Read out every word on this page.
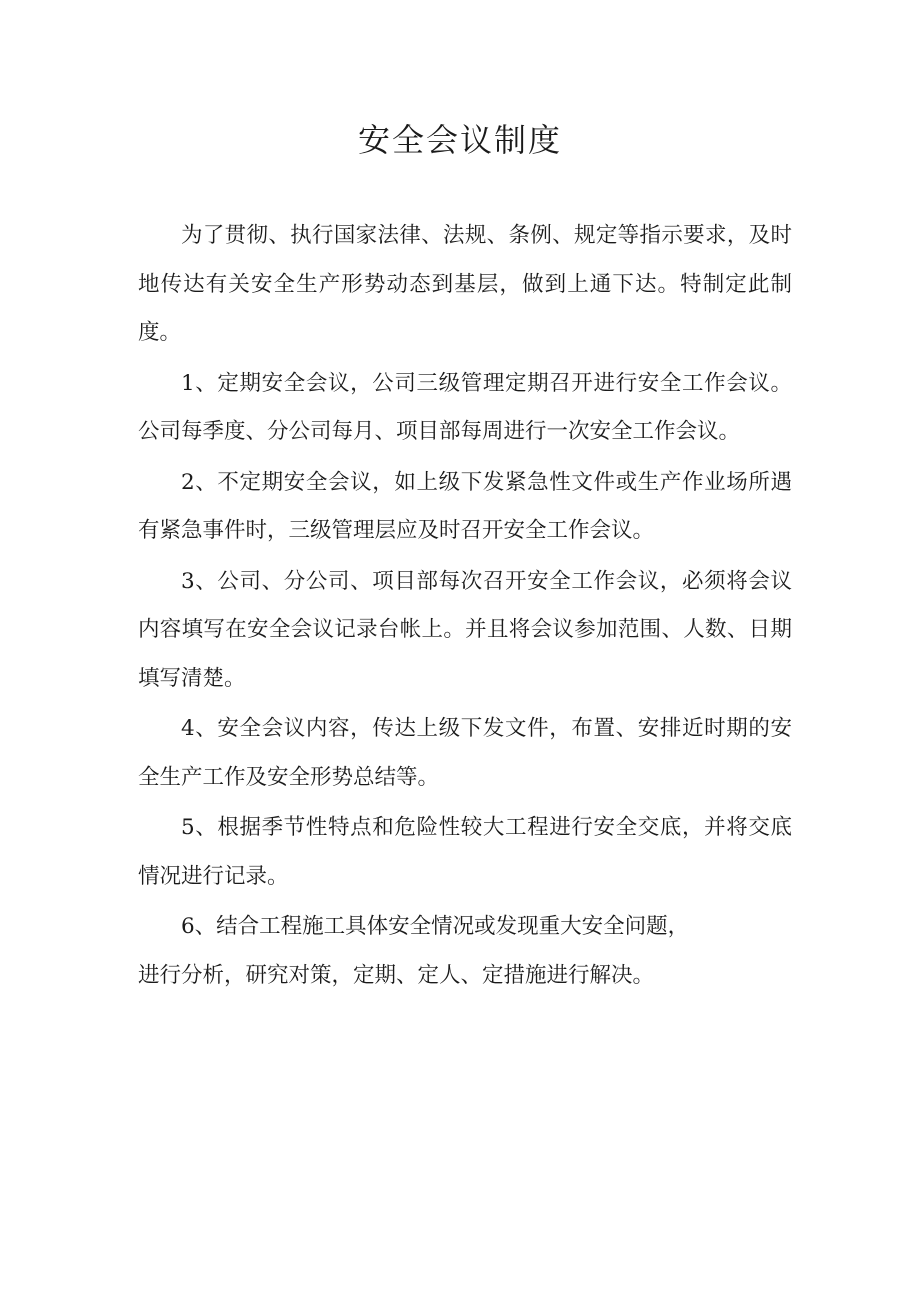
安全会议制度

为了贯彻、执行国家法律、法规、条例、规定等指示要求，及时地传达有关安全生产形势动态到基层，做到上通下达。特制定此制度。

1、定期安全会议，公司三级管理定期召开进行安全工作会议。公司每季度、分公司每月、项目部每周进行一次安全工作会议。

2、不定期安全会议，如上级下发紧急性文件或生产作业场所遇有紧急事件时，三级管理层应及时召开安全工作会议。

3、公司、分公司、项目部每次召开安全工作会议，必须将会议内容填写在安全会议记录台帐上。并且将会议参加范围、人数、日期填写清楚。

4、安全会议内容，传达上级下发文件，布置、安排近时期的安全生产工作及安全形势总结等。

5、根据季节性特点和危险性较大工程进行安全交底，并将交底情况进行记录。

6、结合工程施工具体安全情况或发现重大安全问题，
进行分析，研究对策，定期、定人、定措施进行解决。
